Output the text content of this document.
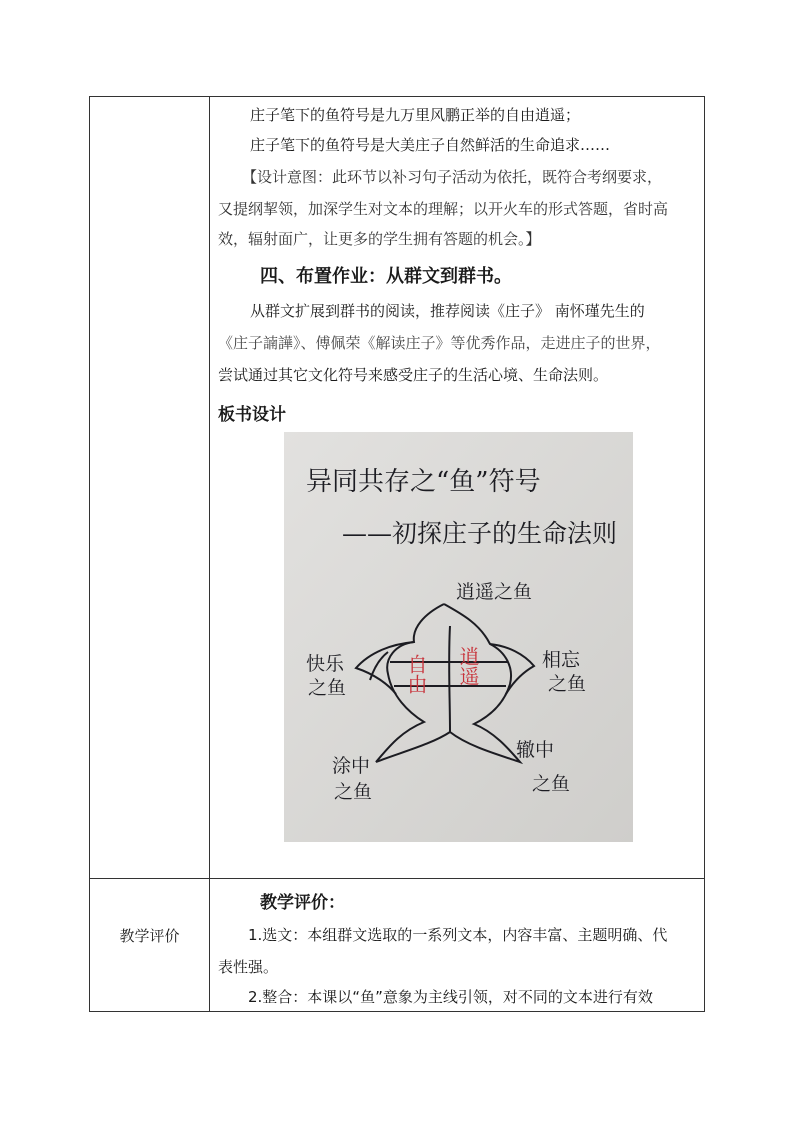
庄子笔下的鱼符号是九万里风鹏正举的自由逍遥；

庄子笔下的鱼符号是大美庄子自然鲜活的生命追求……

【设计意图：此环节以补习句子活动为依托，既符合考纲要求，

又提纲挈领，加深学生对文本的理解；以开火车的形式答题，省时高

效，辐射面广，让更多的学生拥有答题的机会。】

四、布置作业：从群文到群书。

从群文扩展到群书的阅读，推荐阅读《庄子》 南怀瑾先生的

《庄子諵譁》、傅佩荣《解读庄子》等优秀作品，走进庄子的世界，

尝试通过其它文化符号来感受庄子的生活心境、生命法则。

板书设计
教学评价
教学评价：

1.选文：本组群文选取的一系列文本，内容丰富、主题明确、代

表性强。

2.整合：本课以“鱼”意象为主线引领，对不同的文本进行有效

异同共存之“鱼”符号
——初探庄子的生命法则
逍遥之鱼
快乐
之鱼
相忘
之鱼
涂中
之鱼
辙中
之鱼
自由 逍遥
